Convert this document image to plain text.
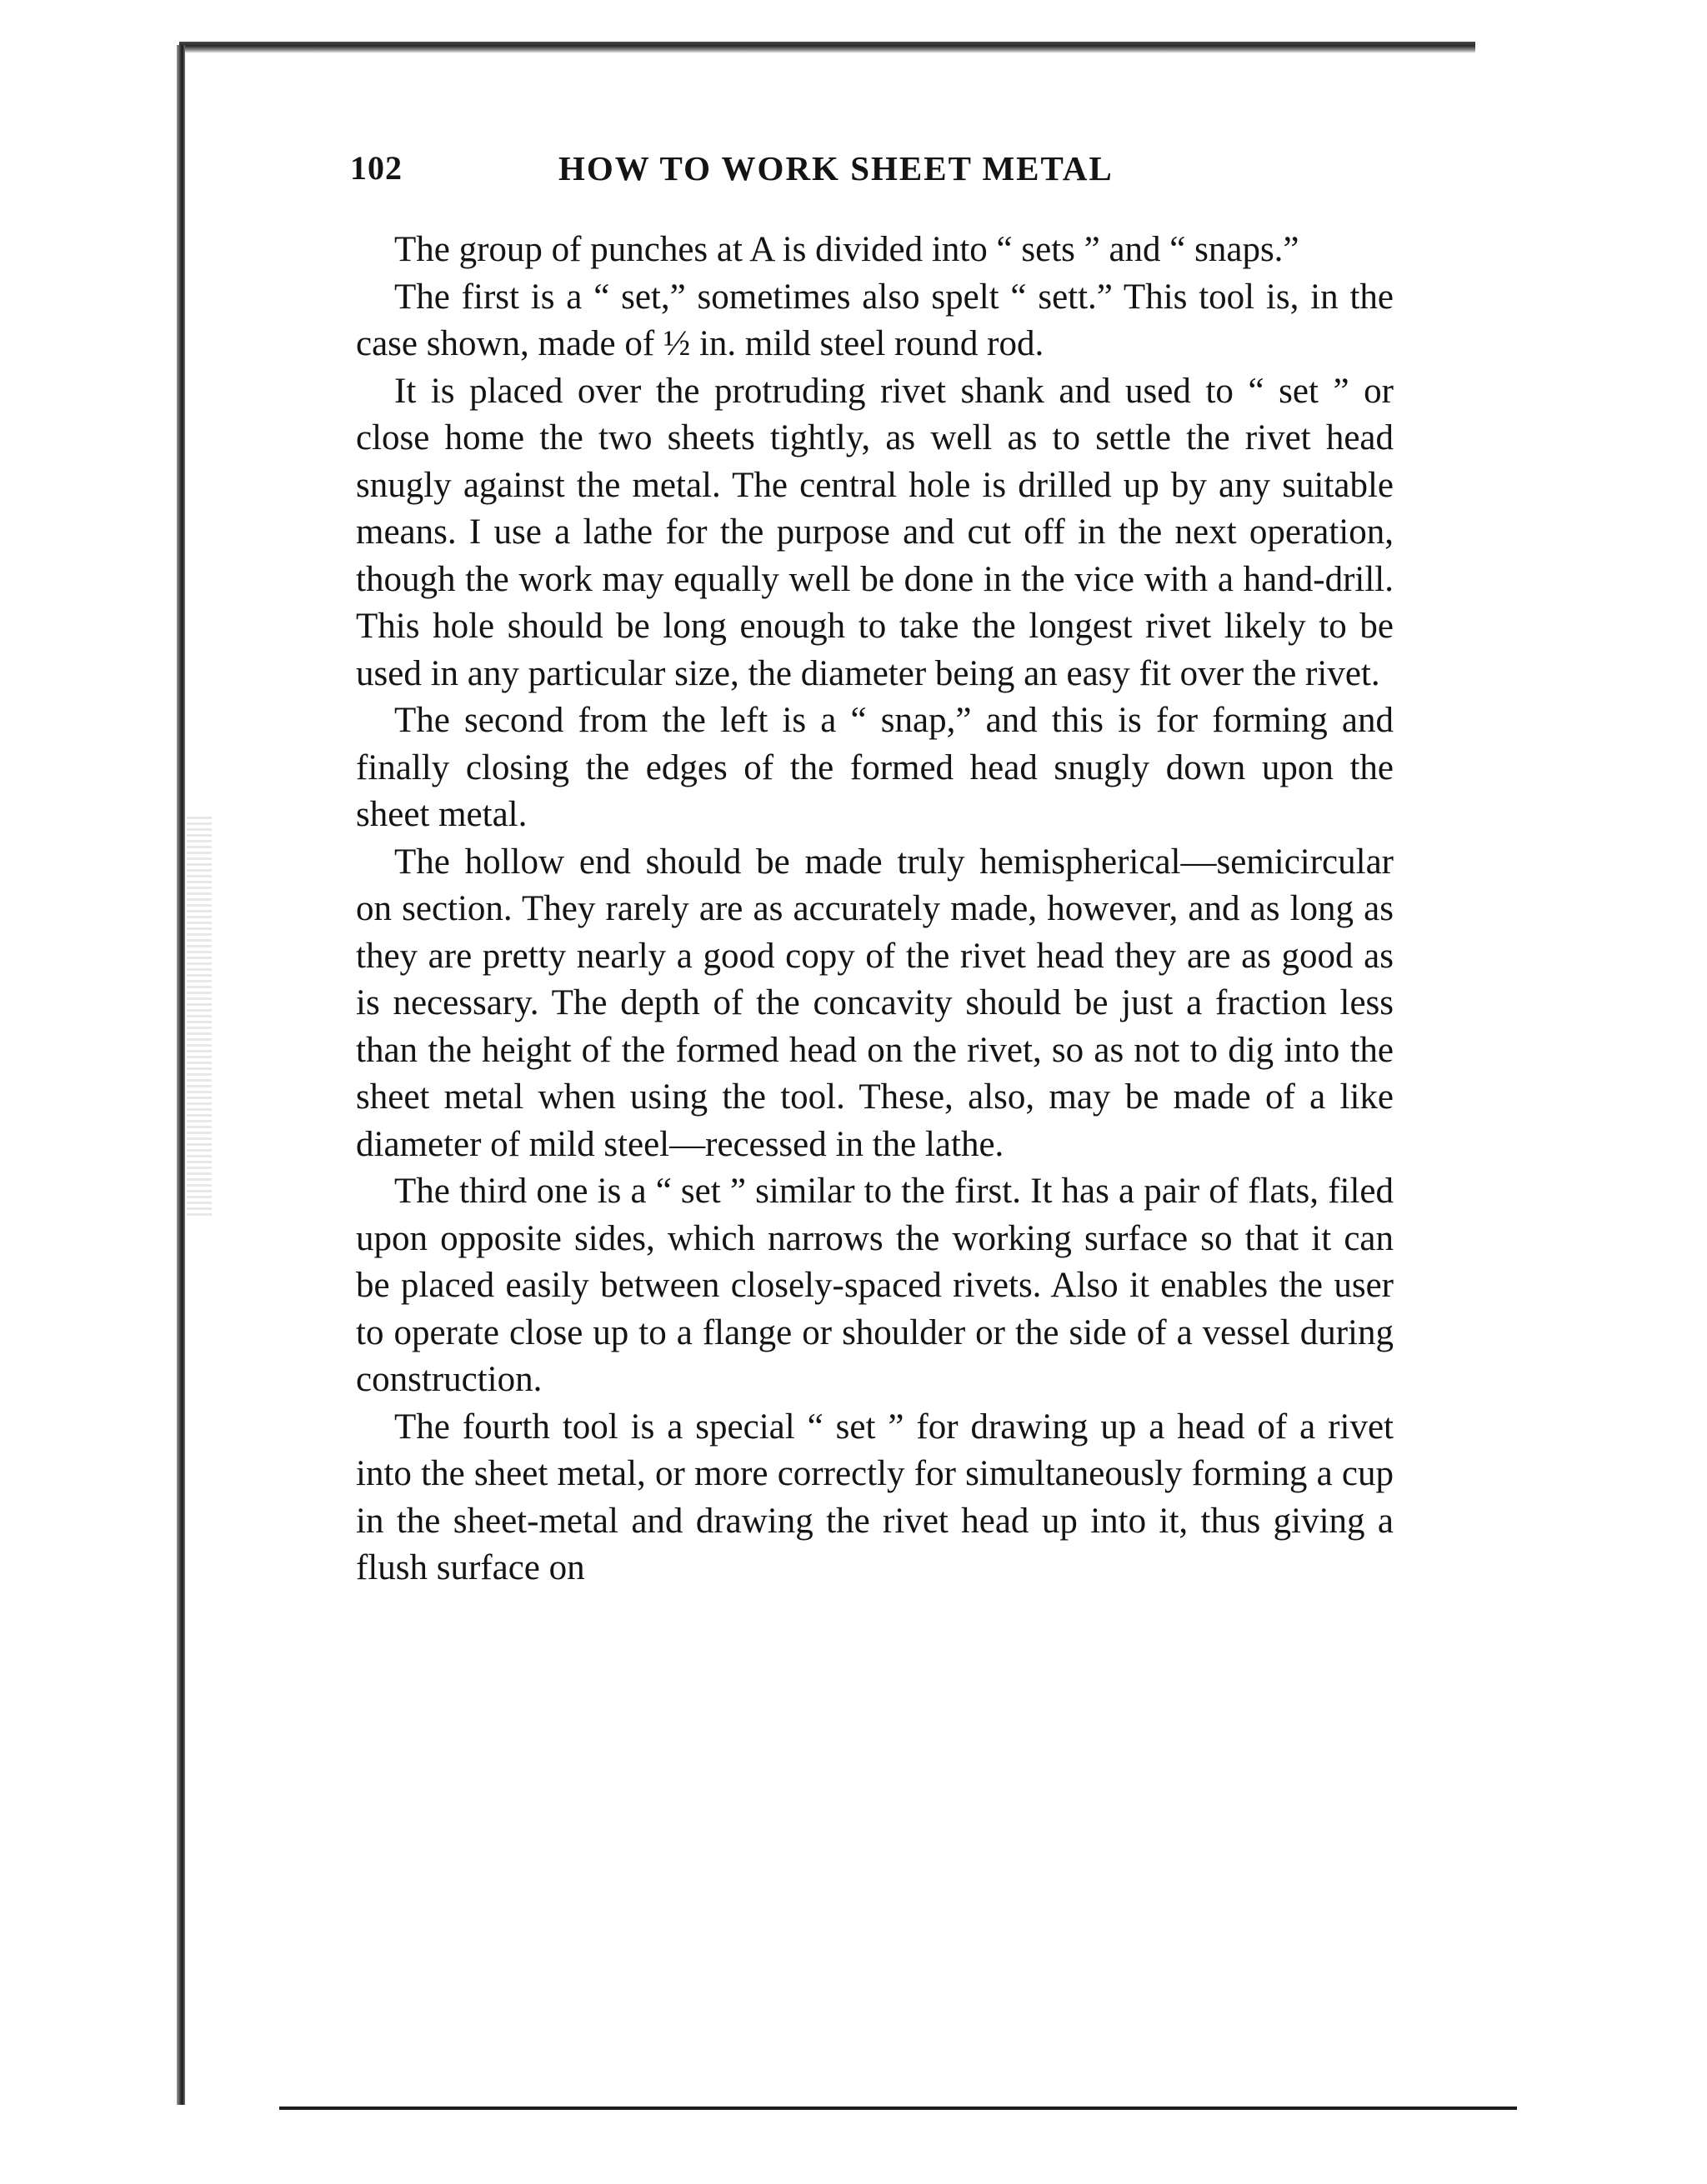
102	HOW TO WORK SHEET METAL

The group of punches at A is divided into “ sets ” and “ snaps.”

The first is a “ set,” sometimes also spelt “ sett.” This tool is, in the case shown, made of ½ in. mild steel round rod.

It is placed over the protruding rivet shank and used to “ set ” or close home the two sheets tightly, as well as to settle the rivet head snugly against the metal. The central hole is drilled up by any suitable means. I use a lathe for the purpose and cut off in the next operation, though the work may equally well be done in the vice with a hand-drill. This hole should be long enough to take the longest rivet likely to be used in any particular size, the diameter being an easy fit over the rivet.

The second from the left is a “ snap,” and this is for forming and finally closing the edges of the formed head snugly down upon the sheet metal.

The hollow end should be made truly hemispherical—semicircular on section. They rarely are as accurately made, however, and as long as they are pretty nearly a good copy of the rivet head they are as good as is necessary. The depth of the concavity should be just a fraction less than the height of the formed head on the rivet, so as not to dig into the sheet metal when using the tool. These, also, may be made of a like diameter of mild steel—recessed in the lathe.

The third one is a “ set ” similar to the first. It has a pair of flats, filed upon opposite sides, which narrows the working surface so that it can be placed easily between closely-spaced rivets. Also it enables the user to operate close up to a flange or shoulder or the side of a vessel during construction.

The fourth tool is a special “ set ” for drawing up a head of a rivet into the sheet metal, or more correctly for simultaneously forming a cup in the sheet-metal and drawing the rivet head up into it, thus giving a flush surface on
